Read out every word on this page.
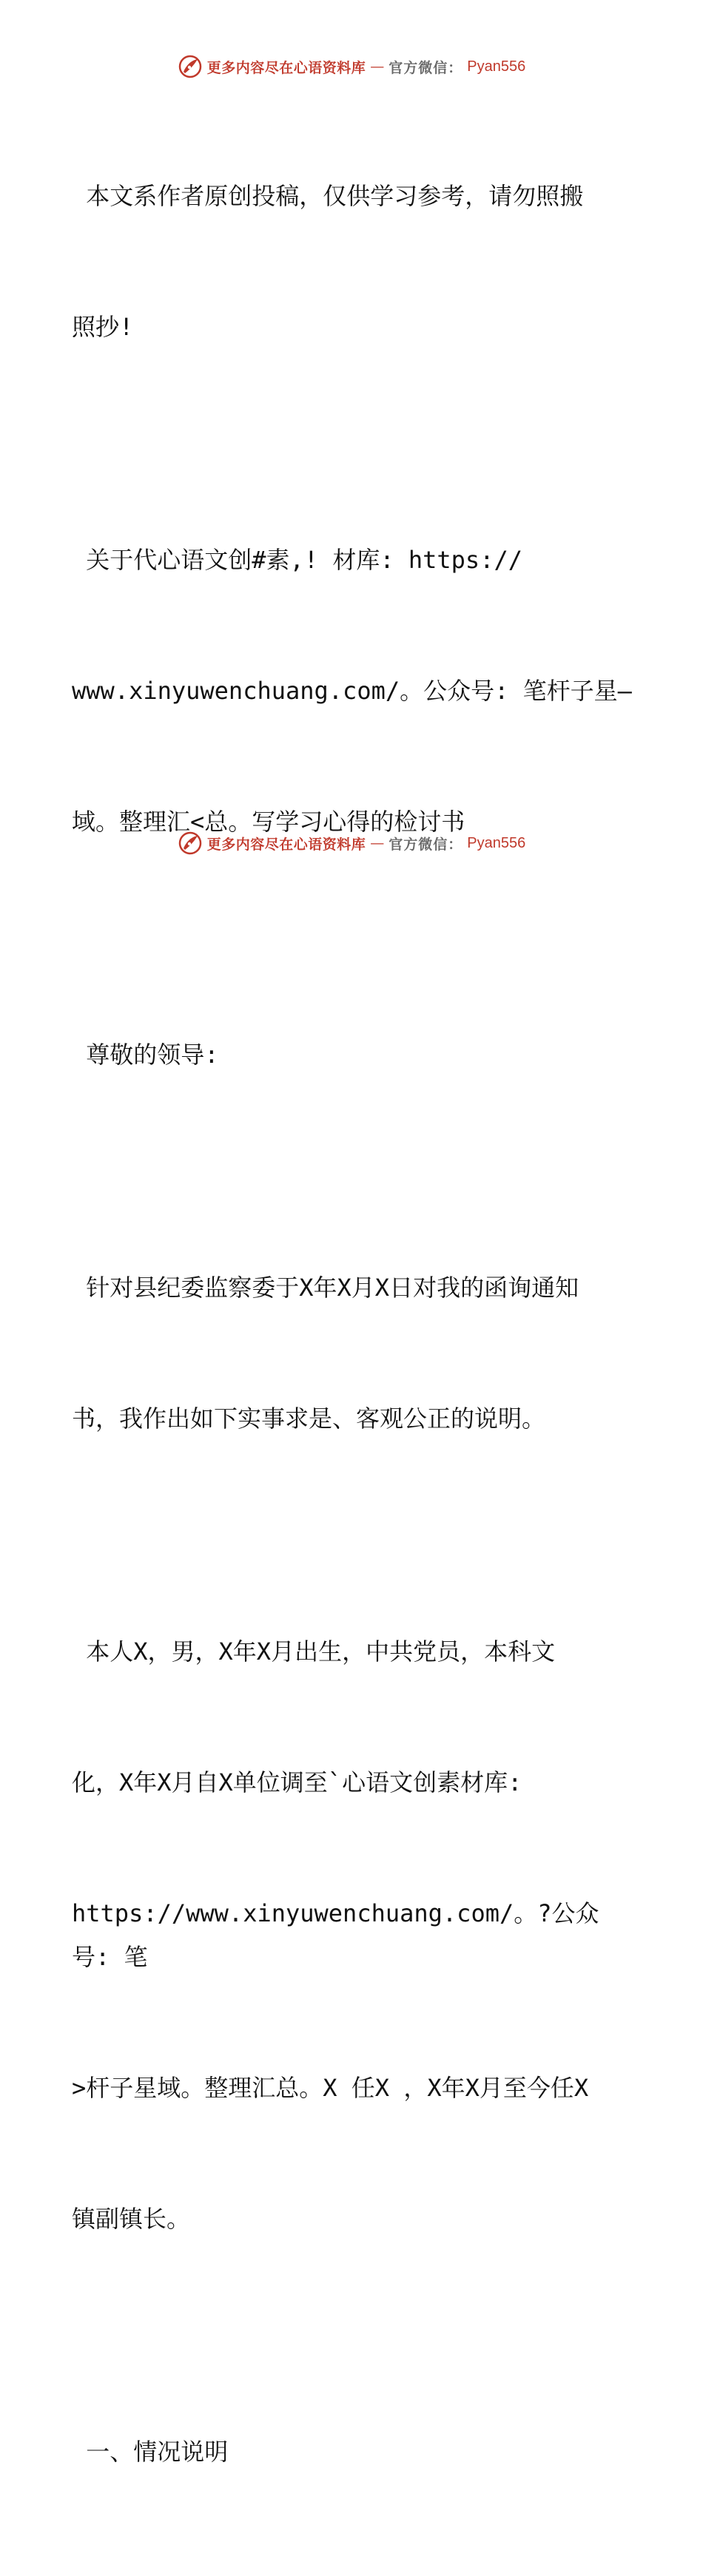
更多内容尽在心语资料库 — 官方微信： Pyan556

本文系作者原创投稿，仅供学习参考，请勿照搬

照抄!

关于代心语文创#素,! 材库: https://

www.xinyuwenchuang.com/。公众号: 笔杆子星—

域。整理汇<总。写学习心得的检讨书

尊敬的领导:

针对县纪委监察委于X年X月X日对我的函询通知

书，我作出如下实事求是、客观公正的说明。

本人X，男，X年X月出生，中共党员，本科文

化，X年X月自X单位调至`心语文创素材库:

https://www.xinyuwenchuang.com/。?公众号: 笔

>杆子星域。整理汇总。X 任X ，X年X月至今任X

镇副镇长。

一、情况说明

更多内容尽在心语资料库 — 官方微信： Pyan556
